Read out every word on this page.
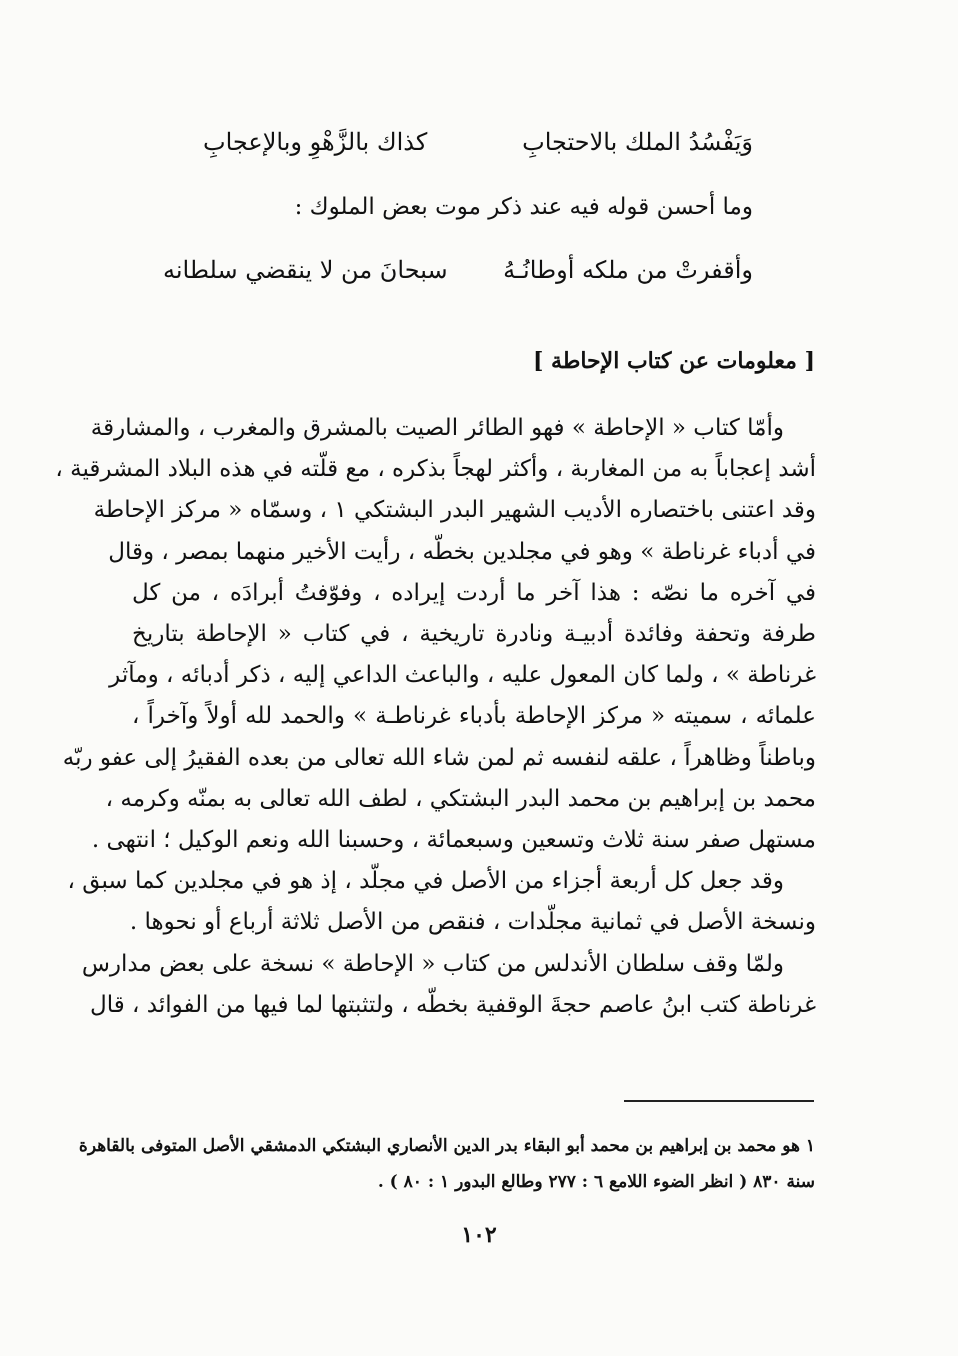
وَيَفْسُدُ الملك بالاحتجابِ
كذاك بالزَّهْوِ وبالإعجابِ
وما أحسن قوله فيه عند ذكر موت بعض الملوك :
وأقفرتْ من ملكه أوطانُـهُ
سبحانَ من لا ينقضي سلطانه
[ معلومات عن كتاب الإحاطة ]
وأمّا كتاب « الإحاطة » فهو الطائر الصيت بالمشرق والمغرب ، والمشارقة
أشد إعجاباً به من المغاربة ، وأكثر لهجاً بذكره ، مع قلّته في هذه البلاد المشرقية ،
وقد اعتنى باختصاره الأديب الشهير البدر البشتكي ١ ، وسمّاه « مركز الإحاطة
في أدباء غرناطة » وهو في مجلدين بخطّه ، رأيت الأخير منهما بمصر ، وقال
في آخره ما نصّه : هذا آخر ما أردت إيراده ، وفوّفتُ أبرادَه ، من كل
طرفة وتحفة وفائدة أدبيـة ونادرة تاريخية ، في كتاب « الإحاطة بتاريخ
غرناطة » ، ولما كان المعول عليه ، والباعث الداعي إليه ، ذكر أدبائه ، ومآثر
علمائه ، سميته « مركز الإحاطة بأدباء غرناطـة » والحمد لله أولاً وآخراً ،
وباطناً وظاهراً ، علقه لنفسه ثم لمن شاء الله تعالى من بعده الفقيرُ إلى عفو ربّه
محمد بن إبراهيم بن محمد البدر البشتكي ، لطف الله تعالى به بمنّه وكرمه ،
مستهل صفر سنة ثلاث وتسعين وسبعمائة ، وحسبنا الله ونعم الوكيل ؛ انتهى .
وقد جعل كل أربعة أجزاء من الأصل في مجلّد ، إذ هو في مجلدين كما سبق ،
ونسخة الأصل في ثمانية مجلّدات ، فنقص من الأصل ثلاثة أرباع أو نحوها .
ولمّا وقف سلطان الأندلس من كتاب « الإحاطة » نسخة على بعض مدارس
غرناطة كتب ابنُ عاصم حجةَ الوقفية بخطّه ، ولتثبتها لما فيها من الفوائد ، قال
١ هو محمد بن إبراهيم بن محمد أبو البقاء بدر الدين الأنصاري البشتكي الدمشقي الأصل المتوفى بالقاهرة
سنة ٨٣٠ ( انظر الضوء اللامع ٦ : ٢٧٧ وطالع البدور ١ : ٨٠ ) .
١٠٢
